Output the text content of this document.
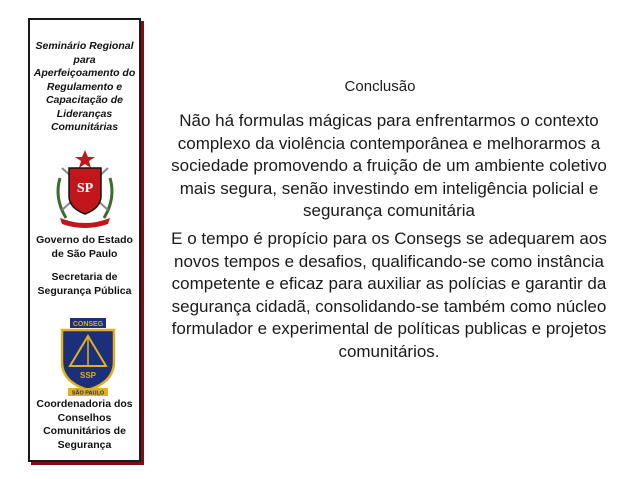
Seminário Regional para Aperfeiçoamento do Regulamento e Capacitação de Lideranças Comunitárias
SP
Governo do Estado de São Paulo
Secretaria de Segurança Pública
CONSEG
SSP
SÃO PAULO
Coordenadoria dos Conselhos Comunitários de Segurança
Conclusão
Não há formulas mágicas para enfrentarmos o contexto complexo da violência contemporânea e melhorarmos a sociedade promovendo a fruição de um ambiente coletivo mais segura, senão investindo em inteligência policial e segurança comunitária
E o tempo é propício para os Consegs se adequarem aos novos tempos e desafios, qualificando-se como instância competente e eficaz para auxiliar as polícias e garantir da segurança cidadã, consolidando-se também como núcleo formulador e experimental de políticas publicas e projetos comunitários.
